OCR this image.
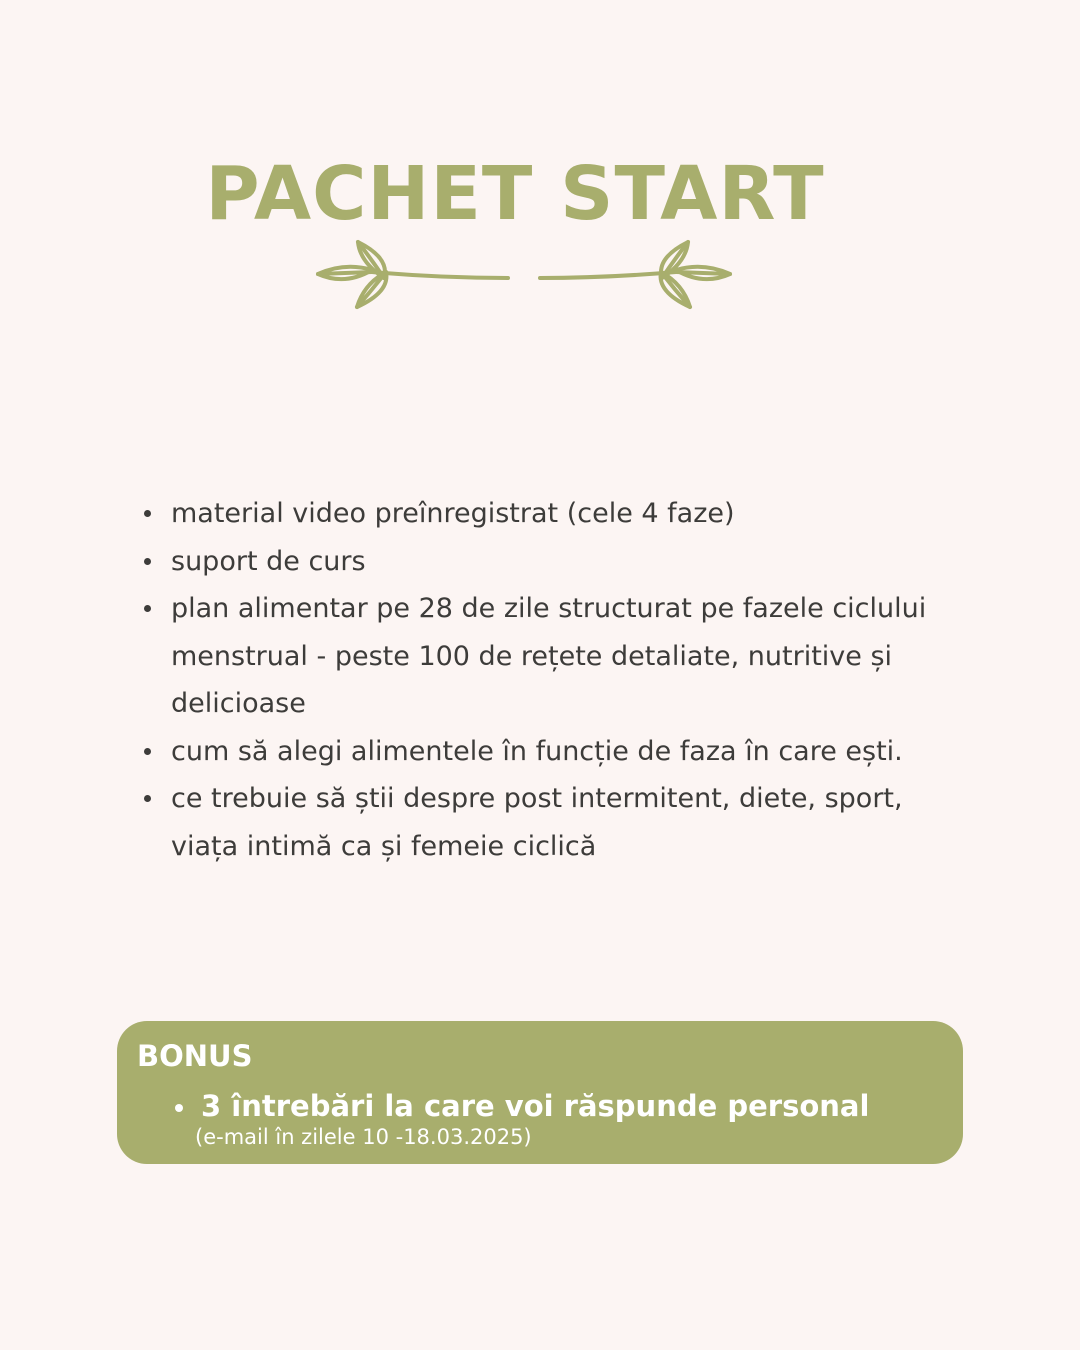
PACHET START
material video preînregistrat (cele 4 faze)
suport de curs
plan alimentar pe 28 de zile structurat pe fazele ciclului menstrual - peste 100 de rețete detaliate, nutritive și delicioase
cum să alegi alimentele în funcție de faza în care ești.
ce trebuie să știi despre post intermitent, diete, sport, viața intimă ca și femeie ciclică
BONUS
3 întrebări la care voi răspunde personal
(e-mail în zilele 10 -18.03.2025)
